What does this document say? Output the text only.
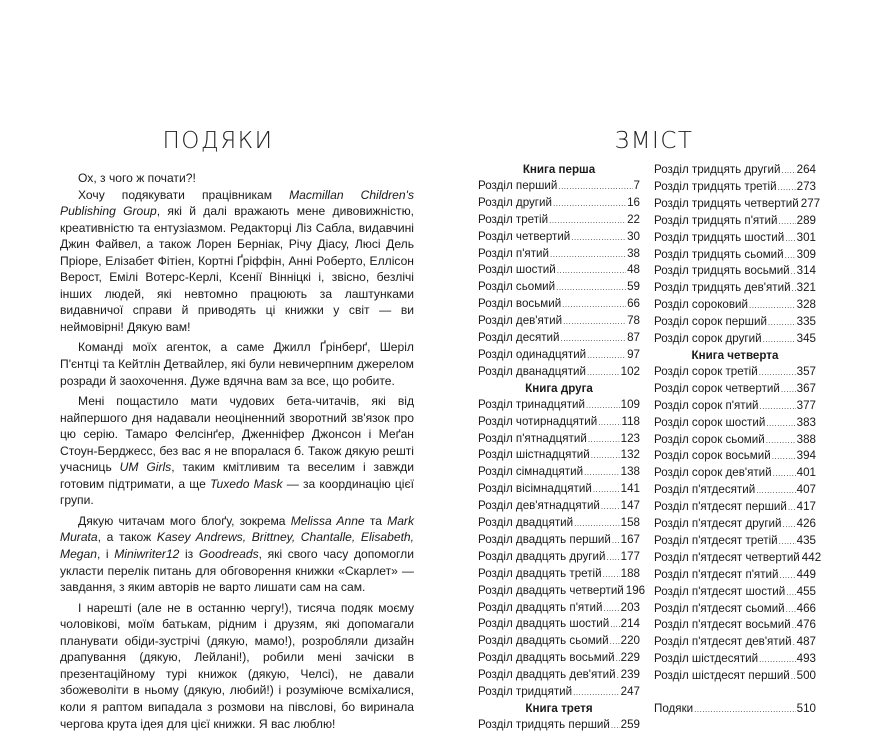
ПОДЯКИ

Ох, з чого ж почати?!

Хочу подякувати працівникам Macmillan Children's Publishing Group, які й далі вражають мене дивовижністю, креативністю та ентузіазмом. Редакторці Ліз Сабла, видавчині Джин Файвел, а також Лорен Берніак, Річу Діасу, Люсі Дель Пріоре, Елізабет Фітіен, Кортні Ґріффін, Анні Роберто, Еллісон Верост, Емілі Вотерс-Керлі, Ксенії Вінніцкі і, звісно, безлічі інших людей, які невтомно працюють за лаштунками видавничої справи й приводять ці книжки у світ — ви неймовірні! Дякую вам!

Команді моїх агенток, а саме Джилл Ґрінберґ, Шеріл П'єнтці та Кейтлін Детвайлер, які були невичерпним джерелом розради й заохочення. Дуже вдячна вам за все, що робите.

Мені пощастило мати чудових бета-читачів, які від найпершого дня надавали неоціненний зворотний зв'язок про цю серію. Тамаро Фелсінґер, Дженніфер Джонсон і Меґан Стоун-Берджесс, без вас я не впоралася б. Також дякую решті учасниць UM Girls, таким кмітливим та веселим і завжди готовим підтримати, а ще Tuxedo Mask — за координацію цієї групи.

Дякую читачам мого блоґу, зокрема Melissa Anne та Mark Murata, а також Kasey Andrews, Brittney, Chantalle, Elisabeth, Megan, і Miniwriter12 із Goodreads, які свого часу допомогли укласти перелік питань для обговорення книжки «Скарлет» — завдання, з яким авторів не варто лишати сам на сам.

І нарешті (але не в останню чергу!), тисяча подяк моєму чоловікові, моїм батькам, рідним і друзям, які допомагали планувати обіди-зустрічі (дякую, мамо!), розробляли дизайн драпування (дякую, Лейлані!), робили мені зачіски в презентаційному турі книжок (дякую, Челсі), не давали збожеволіти в ньому (дякую, любий!) і розуміюче всміхалися, коли я раптом випадала з розмови на півслові, бо виринала чергова крута ідея для цієї книжки. Я вас люблю!

ЗМІСТ
Книга перша
Розділ перший .....	7
Розділ другий .....	16
Розділ третій .....	22
Розділ четвертий .....	30
Розділ п'ятий .....	38
Розділ шостий .....	48
Розділ сьомий .....	59
Розділ восьмий .....	66
Розділ дев'ятий .....	78
Розділ десятий .....	87
Розділ одинадцятий .....	97
Розділ дванадцятий .....	102
Книга друга
Розділ тринадцятий .....	109
Розділ чотирнадцятий ..... 118
Розділ п'ятнадцятий .....	123
Розділ шістнадцятий .....	132
Розділ сімнадцятий .....	138
Розділ вісімнадцятий ..... 141
Розділ дев'ятнадцятий ..... 147
Розділ двадцятий .....	158
Розділ двадцять перший ..... 167
Розділ двадцять другий ..... 177
Розділ двадцять третій ..... 188
Розділ двадцять четвертий 196
Розділ двадцять п'ятий ..... 203
Розділ двадцять шостий ..... 214
Розділ двадцять сьомий ..... 220
Розділ двадцять восьмий ..... 229
Розділ двадцять дев'ятий ..... 239
Розділ тридцятий .....	247
Книга третя
Розділ тридцять перший ..... 259
Розділ тридцять другий ..... 264
Розділ тридцять третій ..... 273
Розділ тридцять четвертий 277
Розділ тридцять п'ятий ..... 289
Розділ тридцять шостий ..... 301
Розділ тридцять сьомий ..... 309
Розділ тридцять восьмий ..... 314
Розділ тридцять дев'ятий ..... 321
Розділ сороковий .....	328
Розділ сорок перший .....	335
Розділ сорок другий .....	345
Книга четверта
Розділ сорок третій .....	357
Розділ сорок четвертий ..... 367
Розділ сорок п'ятий .....	377
Розділ сорок шостий .....	383
Розділ сорок сьомий .....	388
Розділ сорок восьмий ..... 394
Розділ сорок дев'ятий ..... 401
Розділ п'ятдесятий .....	407
Розділ п'ятдесят перший ..... 417
Розділ п'ятдесят другий ..... 426
Розділ п'ятдесят третій ..... 435
Розділ п'ятдесят четвертий 442
Розділ п'ятдесят п'ятий ..... 449
Розділ п'ятдесят шостий ..... 455
Розділ п'ятдесят сьомий ..... 466
Розділ п'ятдесят восьмий ..... 476
Розділ п'ятдесят дев'ятий ..... 487
Розділ шістдесятий .....	493
Розділ шістдесят перший ..... 500
Подяки .....	510
